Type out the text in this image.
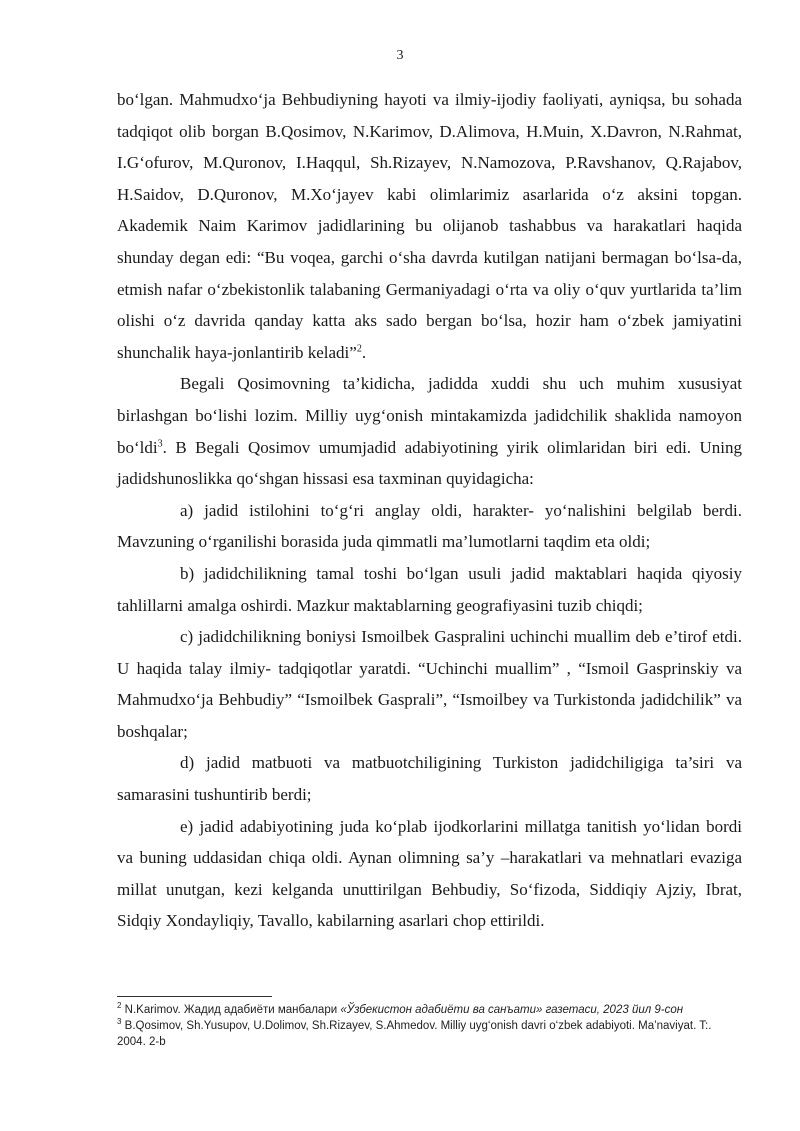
3

bo‘lgan. Mahmudxo‘ja Behbudiyning hayoti va ilmiy-ijodiy faoliyati, ayniqsa, bu sohada tadqiqot olib borgan B.Qosimov, N.Karimov, D.Alimova, H.Muin, X.Davron, N.Rahmat, I.G‘ofurov, M.Quronov, I.Haqqul, Sh.Rizayev, N.Namozova, P.Ravshanov, Q.Rajabov, H.Saidov, D.Quronov, M.Xo‘jayev kabi olimlarimiz asarlarida o‘z aksini topgan. Akademik Naim Karimov jadidlarining bu olijanob tashabbus va harakatlari haqida shunday degan edi: “Bu voqea, garchi o‘sha davrda kutilgan natijani bermagan bo‘lsa-da, etmish nafar o‘zbekistonlik talabaning Germaniyadagi o‘rta va oliy o‘quv yurtlarida ta’lim olishi o‘z davrida qanday katta aks sado bergan bo‘lsa, hozir ham o‘zbek jamiyatini shunchalik haya-jonlantirib keladi”$^2$.

Begali Qosimovning ta’kidicha, jadidda xuddi shu uch muhim xususiyat birlashgan bo‘lishi lozim. Milliy uyg‘onish mintakamizda jadidchilik shaklida namoyon bo‘ldi$^3$. B Begali Qosimov umumjadid adabiyotining yirik olimlaridan biri edi. Uning jadidshunoslikka qo‘shgan hissasi esa taxminan quyidagicha:

a) jadid istilohini to‘g‘ri anglay oldi, harakter- yo‘nalishini belgilab berdi. Mavzuning o‘rganilishi borasida juda qimmatli ma’lumotlarni taqdim eta oldi;

b) jadidchilikning tamal toshi bo‘lgan usuli jadid maktablari haqida qiyosiy tahlillarni amalga oshirdi. Mazkur maktablarning geografiyasini tuzib chiqdi;

c) jadidchilikning boniysi Ismoilbek Gaspralini uchinchi muallim deb e’tirof etdi. U haqida talay ilmiy- tadqiqotlar yaratdi. “Uchinchi muallim” , “Ismoil Gasprinskiy va Mahmudxo‘ja Behbudiy” “Ismoilbek Gasprali”, “Ismoilbey va Turkistonda jadidchilik” va boshqalar;

d) jadid matbuoti va matbuotchiligining Turkiston jadidchiligiga ta’siri va samarasini tushuntirib berdi;

e) jadid adabiyotining juda ko‘plab ijodkorlarini millatga tanitish yo‘lidan bordi va buning uddasidan chiqa oldi. Aynan olimning sa’y –harakatlari va mehnatlari evaziga millat unutgan, kezi kelganda unuttirilgan Behbudiy, So‘fizoda, Siddiqiy Ajziy, Ibrat, Sidqiy Xondayliqiy, Tavallo, kabilarning asarlari chop ettirildi.

$^2$ N.Karimov. Жадид адабиёти манбалари «Ўзбекистон адабиёти ва санъати» газетаси, 2023 йил 9-сон

$^3$ B.Qosimov, Sh.Yusupov, U.Dolimov, Sh.Rizayev, S.Ahmedov. Milliy uyg‘onish davri o‘zbek adabiyoti. Ma’naviyat. T:. 2004. 2-b
